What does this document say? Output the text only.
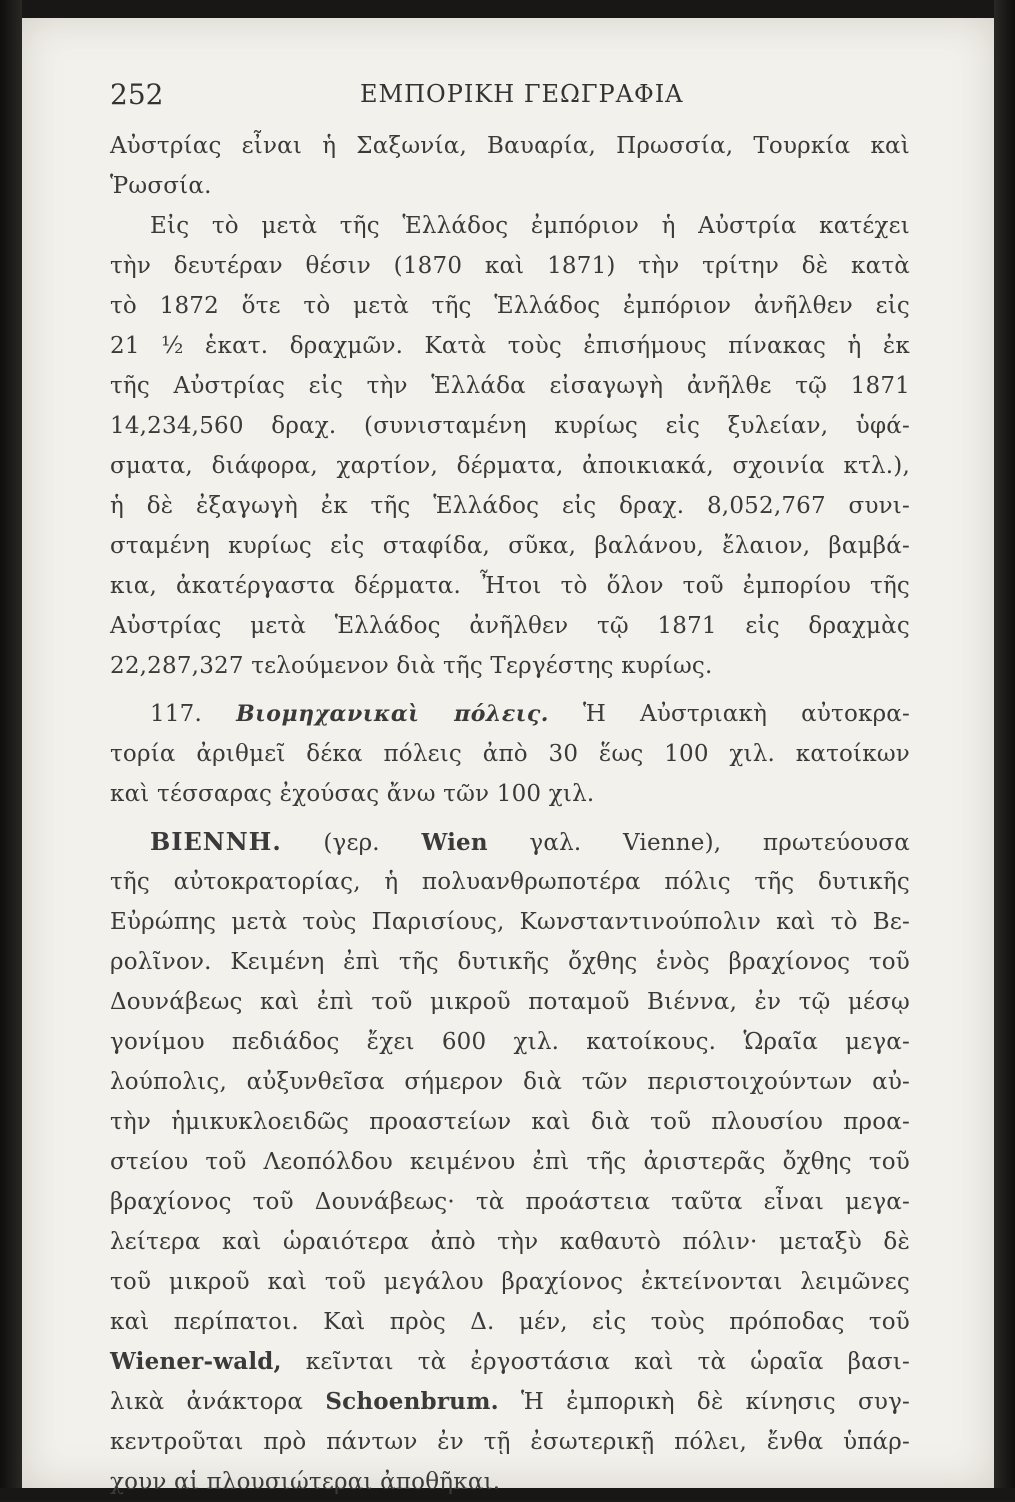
252	ΕΜΠΟΡΙΚΗ ΓΕΩΓΡΑΦΙΑ
Αὐστρίας εἶναι ἡ Σαξωνία, Βαυαρία, Πρωσσία, Τουρκία καὶ
Ῥωσσία.
Εἰς τὸ μετὰ τῆς Ἑλλάδος ἐμπόριον ἡ Αὐστρία κατέχει
τὴν δευτέραν θέσιν (1870 καὶ 1871) τὴν τρίτην δὲ κατὰ
τὸ 1872 ὅτε τὸ μετὰ τῆς Ἑλλάδος ἐμπόριον ἀνῆλθεν εἰς
21 ½ ἑκατ. δραχμῶν. Κατὰ τοὺς ἐπισήμους πίνακας ἡ ἐκ
τῆς Αὐστρίας εἰς τὴν Ἑλλάδα εἰσαγωγὴ ἀνῆλθε τῷ 1871
14,234,560 δραχ. (συνισταμένη κυρίως εἰς ξυλείαν, ὑφά-
σματα, διάφορα, χαρτίον, δέρματα, ἀποικιακά, σχοινία κτλ.),
ἡ δὲ ἐξαγωγὴ ἐκ τῆς Ἑλλάδος εἰς δραχ. 8,052,767 συνι-
σταμένη κυρίως εἰς σταφίδα, σῦκα, βαλάνου, ἔλαιον, βαμβά-
κια, ἀκατέργαστα δέρματα. Ἦτοι τὸ ὅλον τοῦ ἐμπορίου τῆς
Αὐστρίας μετὰ Ἑλλάδος ἀνῆλθεν τῷ 1871 εἰς δραχμὰς
22,287,327 τελούμενον διὰ τῆς Τεργέστης κυρίως.
117. Βιομηχανικαὶ πόλεις. Ἡ Αὐστριακὴ αὐτοκρα-
τορία ἀριθμεῖ δέκα πόλεις ἀπὸ 30 ἕως 100 χιλ. κατοίκων
καὶ τέσσαρας ἐχούσας ἄνω τῶν 100 χιλ.
ΒΙΕΝΝΗ. (γερ. Wien γαλ. Vienne), πρωτεύουσα
τῆς αὐτοκρατορίας, ἡ πολυανθρωποτέρα πόλις τῆς δυτικῆς
Εὐρώπης μετὰ τοὺς Παρισίους, Κωνσταντινούπολιν καὶ τὸ Βε-
ρολῖνον. Κειμένη ἐπὶ τῆς δυτικῆς ὄχθης ἑνὸς βραχίονος τοῦ
Δουνάβεως καὶ ἐπὶ τοῦ μικροῦ ποταμοῦ Βιέννα, ἐν τῷ μέσῳ
γονίμου πεδιάδος ἔχει 600 χιλ. κατοίκους. Ὡραῖα μεγα-
λούπολις, αὐξυνθεῖσα σήμερον διὰ τῶν περιστοιχούντων αὐ-
τὴν ἡμικυκλοειδῶς προαστείων καὶ διὰ τοῦ πλουσίου προα-
στείου τοῦ Λεοπόλδου κειμένου ἐπὶ τῆς ἀριστερᾶς ὄχθης τοῦ
βραχίονος τοῦ Δουνάβεως· τὰ προάστεια ταῦτα εἶναι μεγα-
λείτερα καὶ ὡραιότερα ἀπὸ τὴν καθαυτὸ πόλιν· μεταξὺ δὲ
τοῦ μικροῦ καὶ τοῦ μεγάλου βραχίονος ἐκτείνονται λειμῶνες
καὶ περίπατοι. Καὶ πρὸς Δ. μέν, εἰς τοὺς πρόποδας τοῦ
Wiener-wald, κεῖνται τὰ ἐργοστάσια καὶ τὰ ὡραῖα βασι-
λικὰ ἀνάκτορα Schoenbrum. Ἡ ἐμπορικὴ δὲ κίνησις συγ-
κεντροῦται πρὸ πάντων ἐν τῇ ἐσωτερικῇ πόλει, ἔνθα ὑπάρ-
χουν αἱ πλουσιώτεραι ἀποθῆκαι.
